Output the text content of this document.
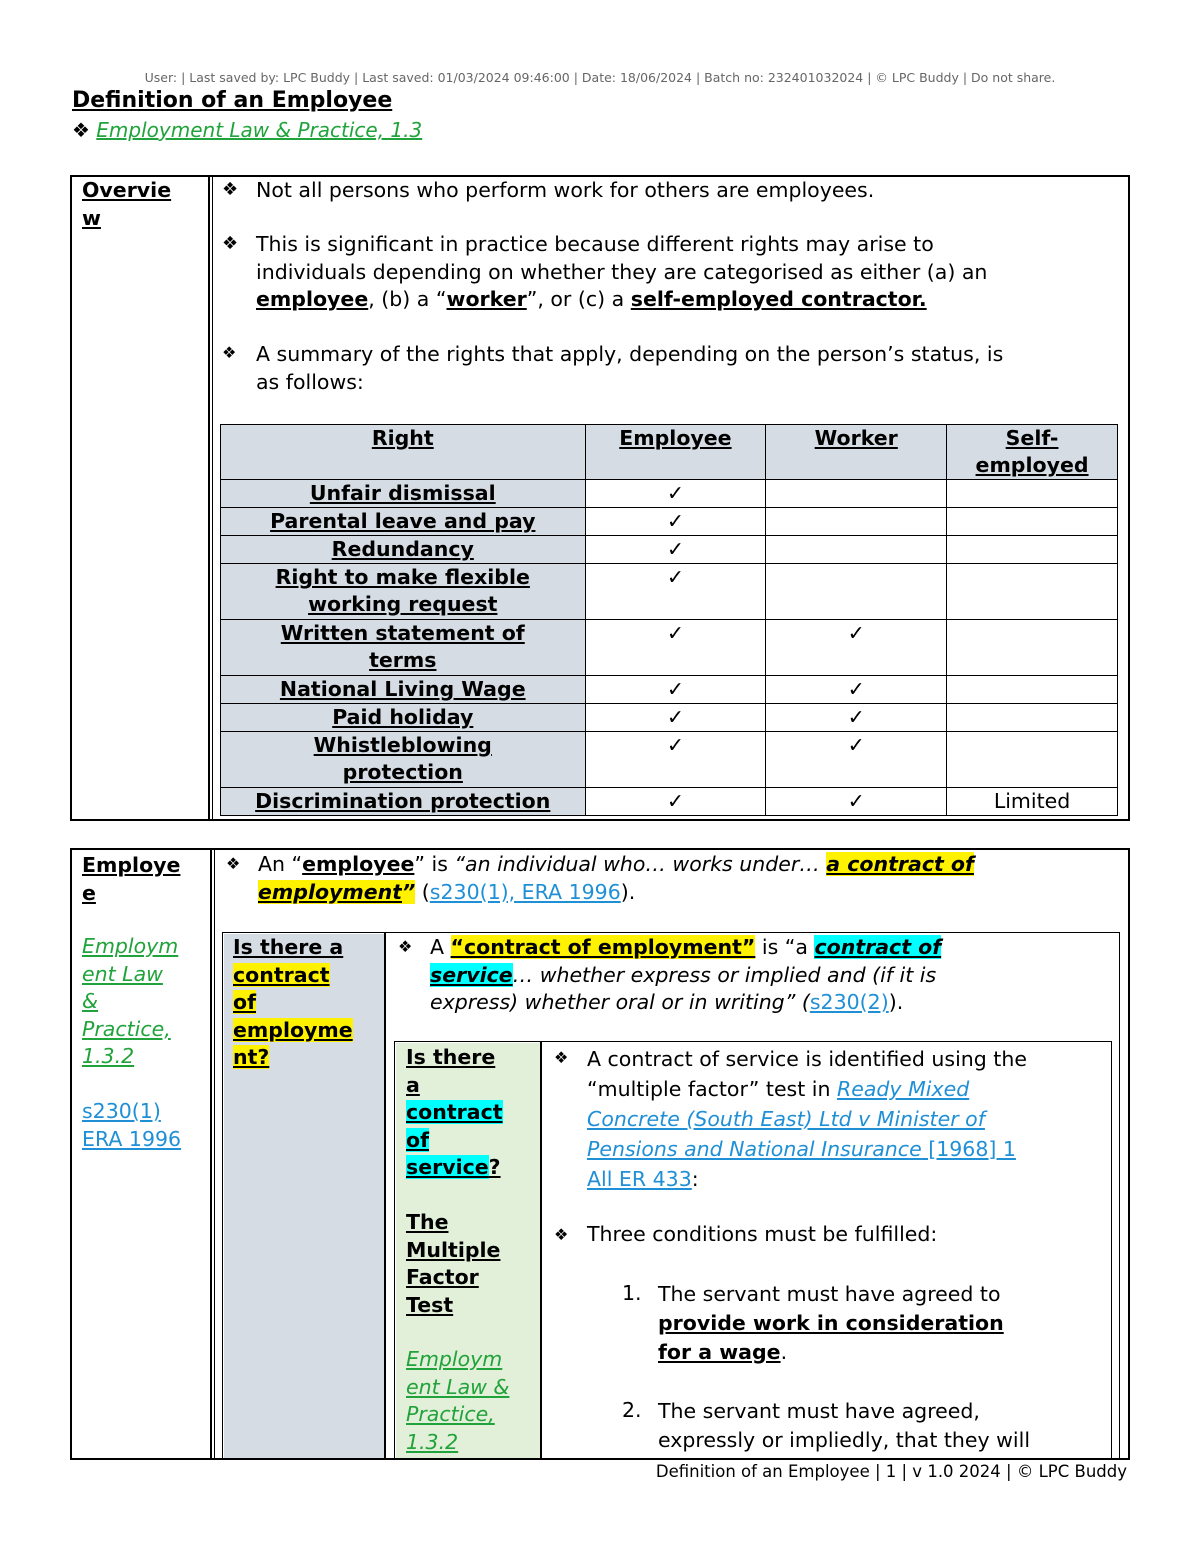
User: | Last saved by: LPC Buddy | Last saved: 01/03/2024 09:46:00 | Date: 18/06/2024 | Batch no: 232401032024 | © LPC Buddy | Do not share.
Definition of an Employee
❖ Employment Law & Practice, 1.3
Overvie
w
❖ Not all persons who perform work for others are employees.
❖ This is significant in practice because different rights may arise to
individuals depending on whether they are categorised as either (a) an
employee, (b) a “worker”, or (c) a self-employed contractor.
❖ A summary of the rights that apply, depending on the person’s status, is
as follows:
Right	Employee	Worker	Self-
employed

Unfair dismissal	✓		
Parental leave and pay	✓		
Redundancy	✓		

Right to make flexible
working request	✓		

Written statement of
terms	✓	✓	
National Living Wage	✓	✓	
Paid holiday	✓	✓	

Whistleblowing
protection	✓	✓	
Discrimination protection	✓	✓	Limited
Employe
e
Employm
ent Law
&
Practice,
1.3.2
s230(1)
ERA 1996
❖ An “employee” is “an individual who… works under… a contract of
employment” (s230(1), ERA 1996).
Is there a
contract
of
employme
nt?
❖ A “contract of employment” is “a contract of
service… whether express or implied and (if it is
express) whether oral or in writing” (s230(2)).
Is there
a
contract
of
service?
The
Multiple
Factor
Test
Employm
ent Law &
Practice,
1.3.2
❖ A contract of service is identified using the
“multiple factor” test in Ready Mixed
Concrete (South East) Ltd v Minister of
Pensions and National Insurance [1968] 1
All ER 433:
❖ Three conditions must be fulfilled:
1. The servant must have agreed to
provide work in consideration
for a wage.
2. The servant must have agreed,
expressly or impliedly, that they will
Definition of an Employee | 1 | v 1.0 2024 | © LPC Buddy
